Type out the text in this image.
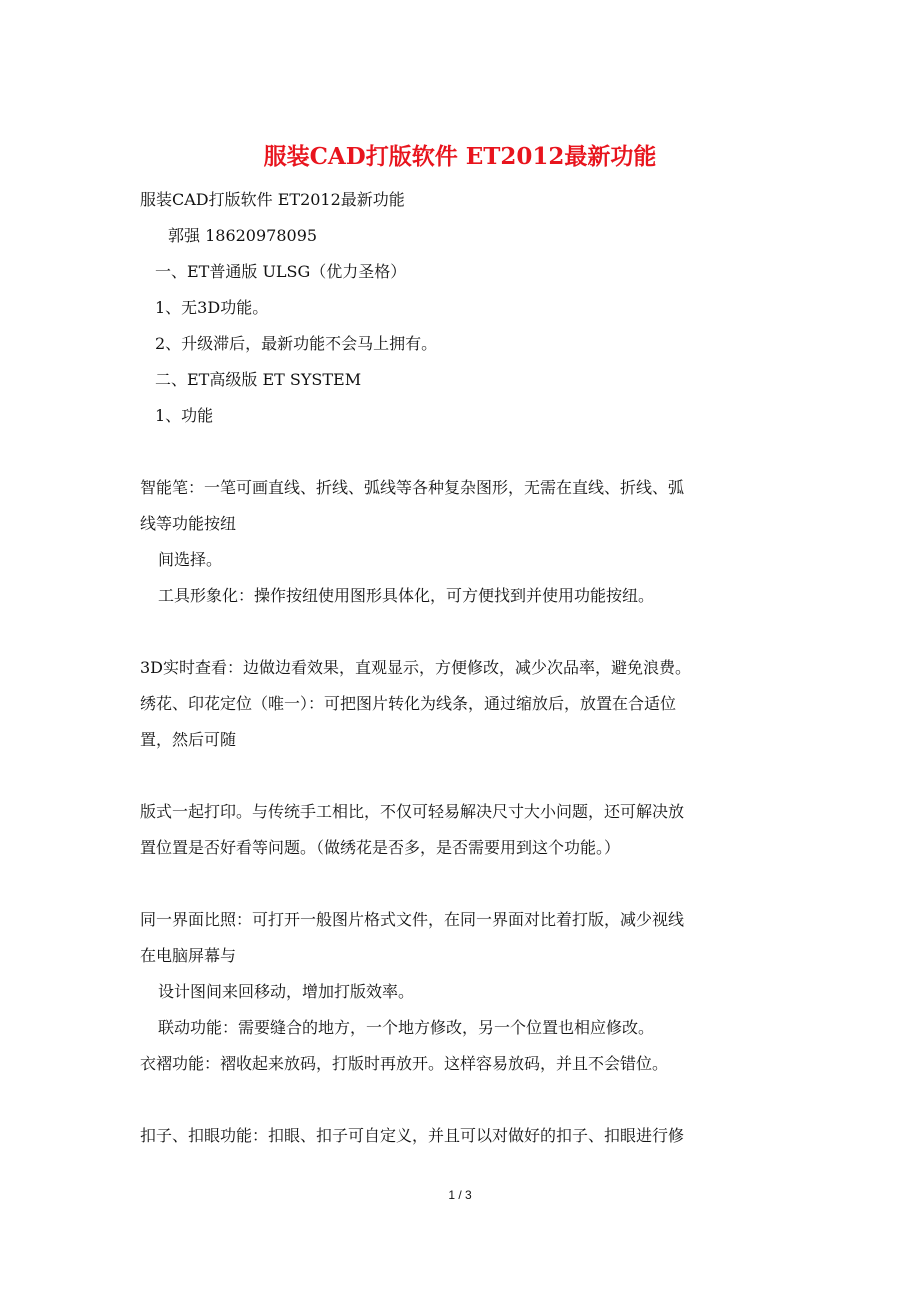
服装CAD打版软件 ET2012最新功能
服装CAD打版软件 ET2012最新功能
郭强 18620978095
一、ET普通版 ULSG（优力圣格）
1、无3D功能。
2、升级滞后，最新功能不会马上拥有。
二、ET高级版 ET SYSTEM
1、功能
智能笔：一笔可画直线、折线、弧线等各种复杂图形，无需在直线、折线、弧
线等功能按纽
间选择。
工具形象化：操作按纽使用图形具体化，可方便找到并使用功能按纽。
3D实时查看：边做边看效果，直观显示，方便修改，减少次品率，避免浪费。
绣花、印花定位（唯一）：可把图片转化为线条，通过缩放后，放置在合适位
置，然后可随
版式一起打印。与传统手工相比，不仅可轻易解决尺寸大小问题，还可解决放
置位置是否好看等问题。（做绣花是否多，是否需要用到这个功能。）
同一界面比照：可打开一般图片格式文件，在同一界面对比着打版，减少视线
在电脑屏幕与
设计图间来回移动，增加打版效率。
联动功能：需要缝合的地方，一个地方修改，另一个位置也相应修改。
衣褶功能：褶收起来放码，打版时再放开。这样容易放码，并且不会错位。
扣子、扣眼功能：扣眼、扣子可自定义，并且可以对做好的扣子、扣眼进行修
1 / 3
